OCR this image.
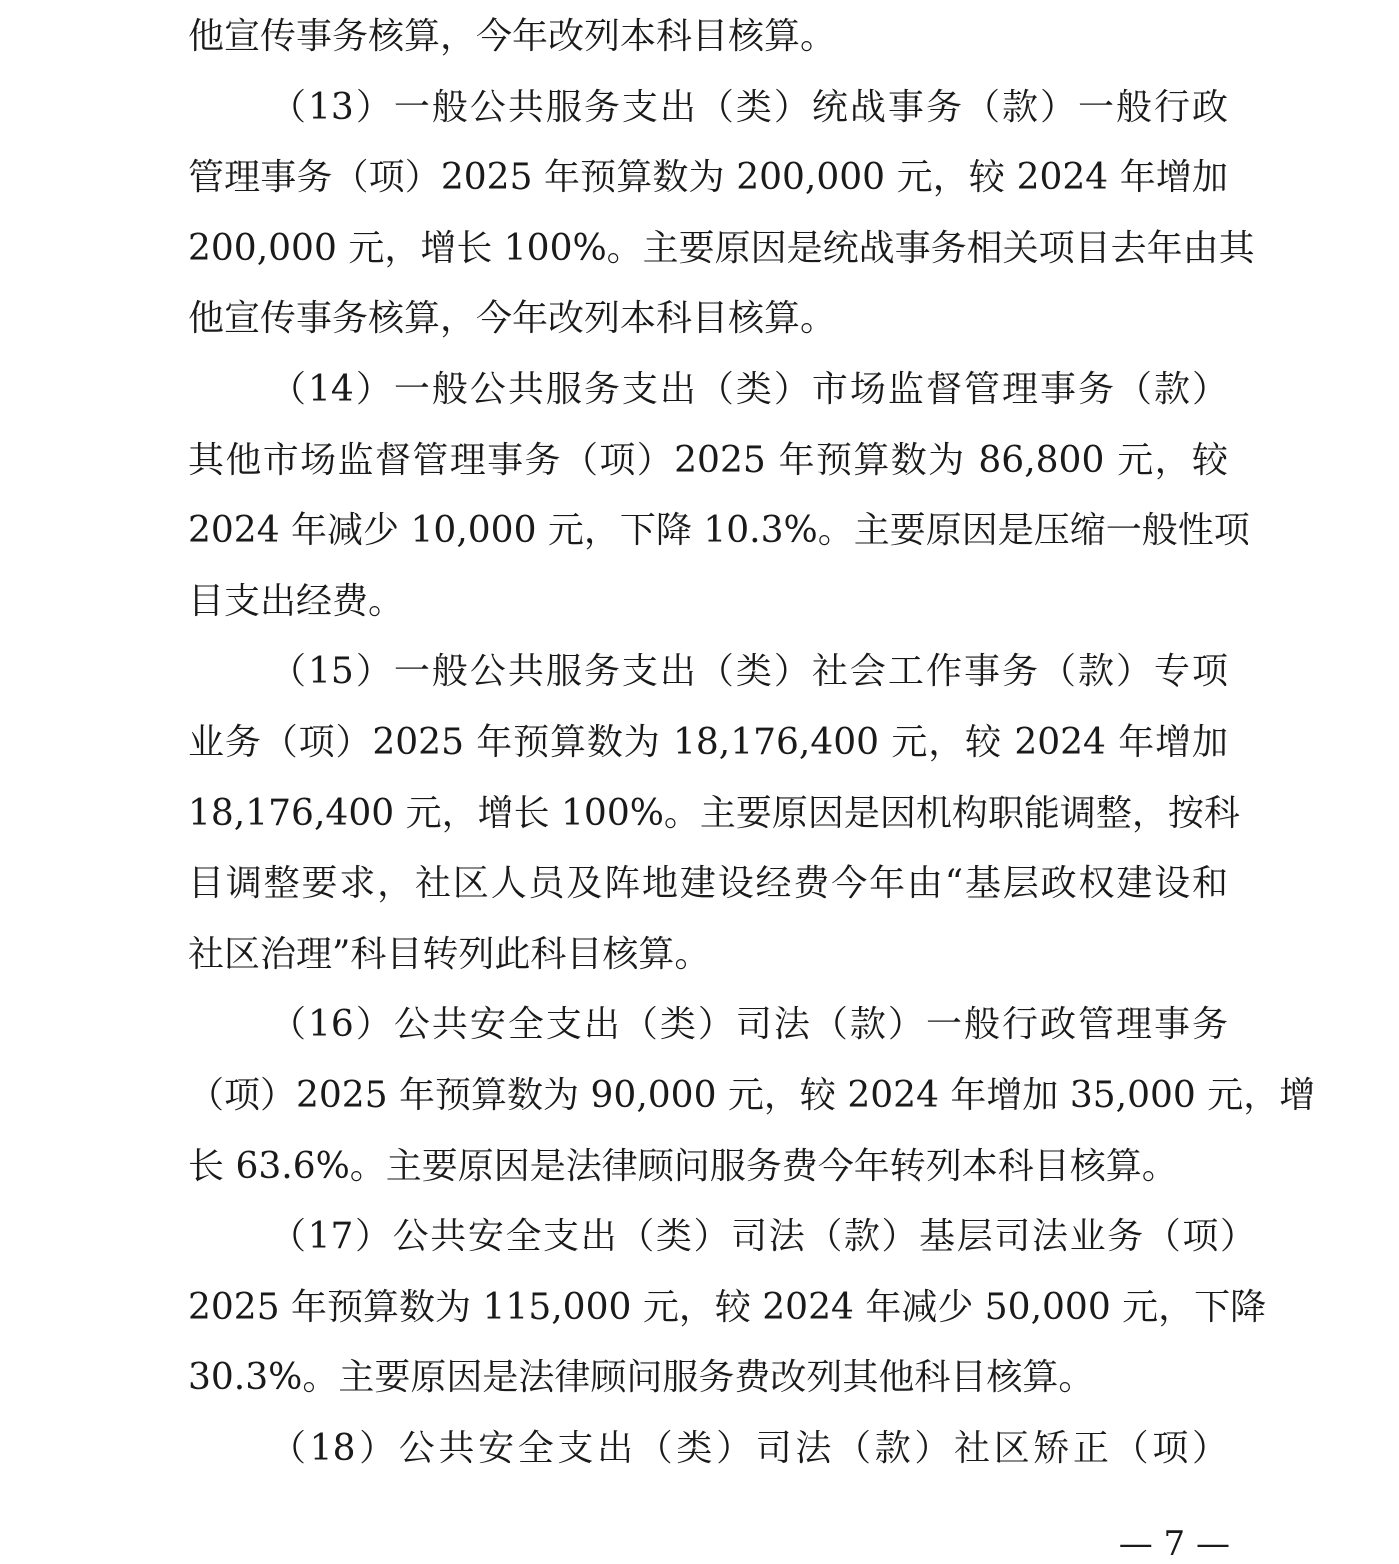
他宣传事务核算，今年改列本科目核算。
（13）一般公共服务支出（类）统战事务（款）一般行政
管理事务（项）2025 年预算数为 200,000 元，较 2024 年增加
200,000 元，增长 100%。主要原因是统战事务相关项目去年由其
他宣传事务核算，今年改列本科目核算。
（14）一般公共服务支出（类）市场监督管理事务（款）
其他市场监督管理事务（项）2025 年预算数为 86,800 元，较
2024 年减少 10,000 元，下降 10.3%。主要原因是压缩一般性项
目支出经费。
（15）一般公共服务支出（类）社会工作事务（款）专项
业务（项）2025 年预算数为 18,176,400 元，较 2024 年增加
18,176,400 元，增长 100%。主要原因是因机构职能调整，按科
目调整要求，社区人员及阵地建设经费今年由“基层政权建设和
社区治理”科目转列此科目核算。
（16）公共安全支出（类）司法（款）一般行政管理事务
（项）2025 年预算数为 90,000 元，较 2024 年增加 35,000 元，增
长 63.6%。主要原因是法律顾问服务费今年转列本科目核算。
（17）公共安全支出（类）司法（款）基层司法业务（项）
2025 年预算数为 115,000 元，较 2024 年减少 50,000 元，下降
30.3%。主要原因是法律顾问服务费改列其他科目核算。
（18）公共安全支出（类）司法（款）社区矫正（项）
— 7 —
